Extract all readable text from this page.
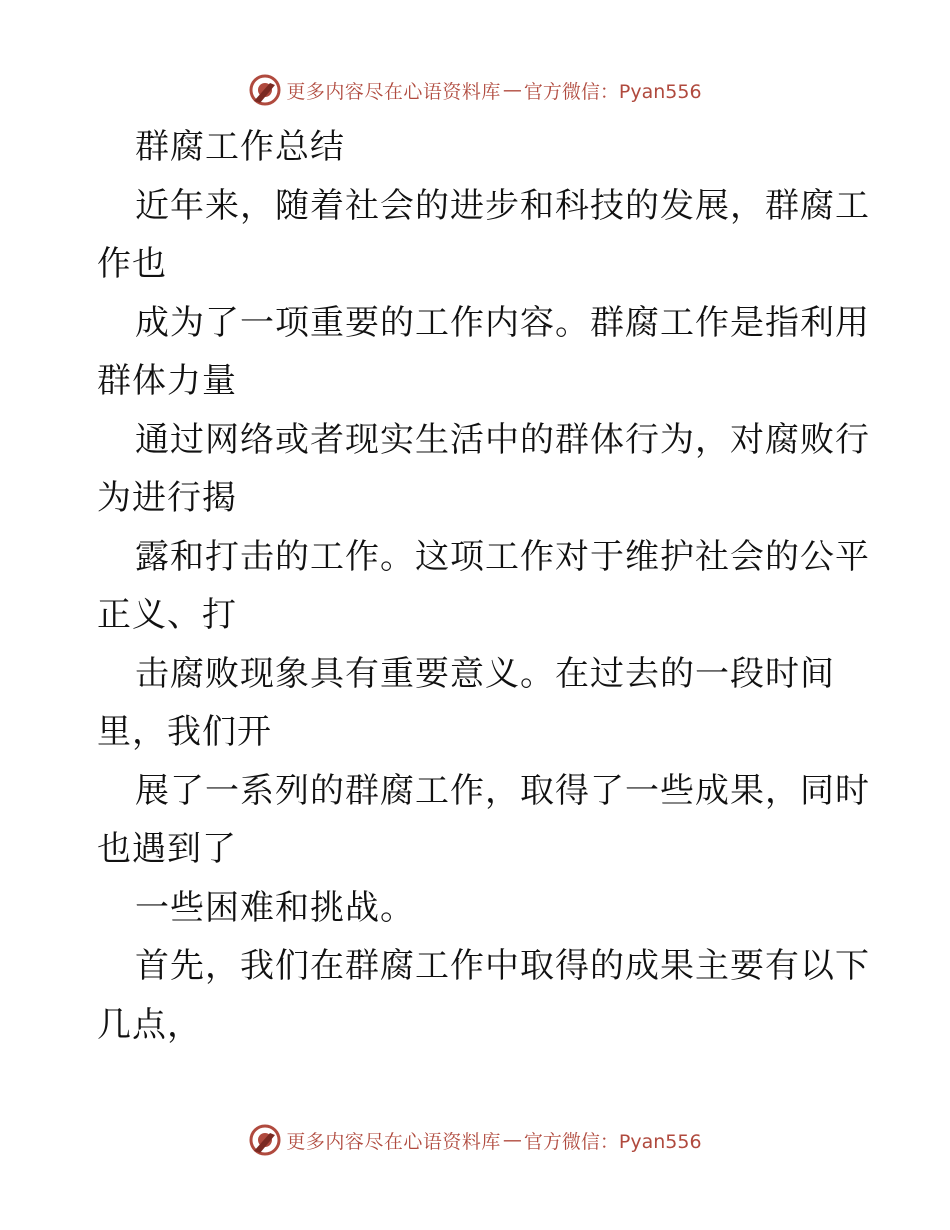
更多内容尽在心语资料库 — 官方微信：Pyan556
群腐工作总结
近年来，随着社会的进步和科技的发展，群腐工
作也
成为了一项重要的工作内容。群腐工作是指利用
群体力量
通过网络或者现实生活中的群体行为，对腐败行
为进行揭
露和打击的工作。这项工作对于维护社会的公平
正义、打
击腐败现象具有重要意义。在过去的一段时间
里，我们开
展了一系列的群腐工作，取得了一些成果，同时
也遇到了
一些困难和挑战。
首先，我们在群腐工作中取得的成果主要有以下
几点，
更多内容尽在心语资料库 — 官方微信：Pyan556
